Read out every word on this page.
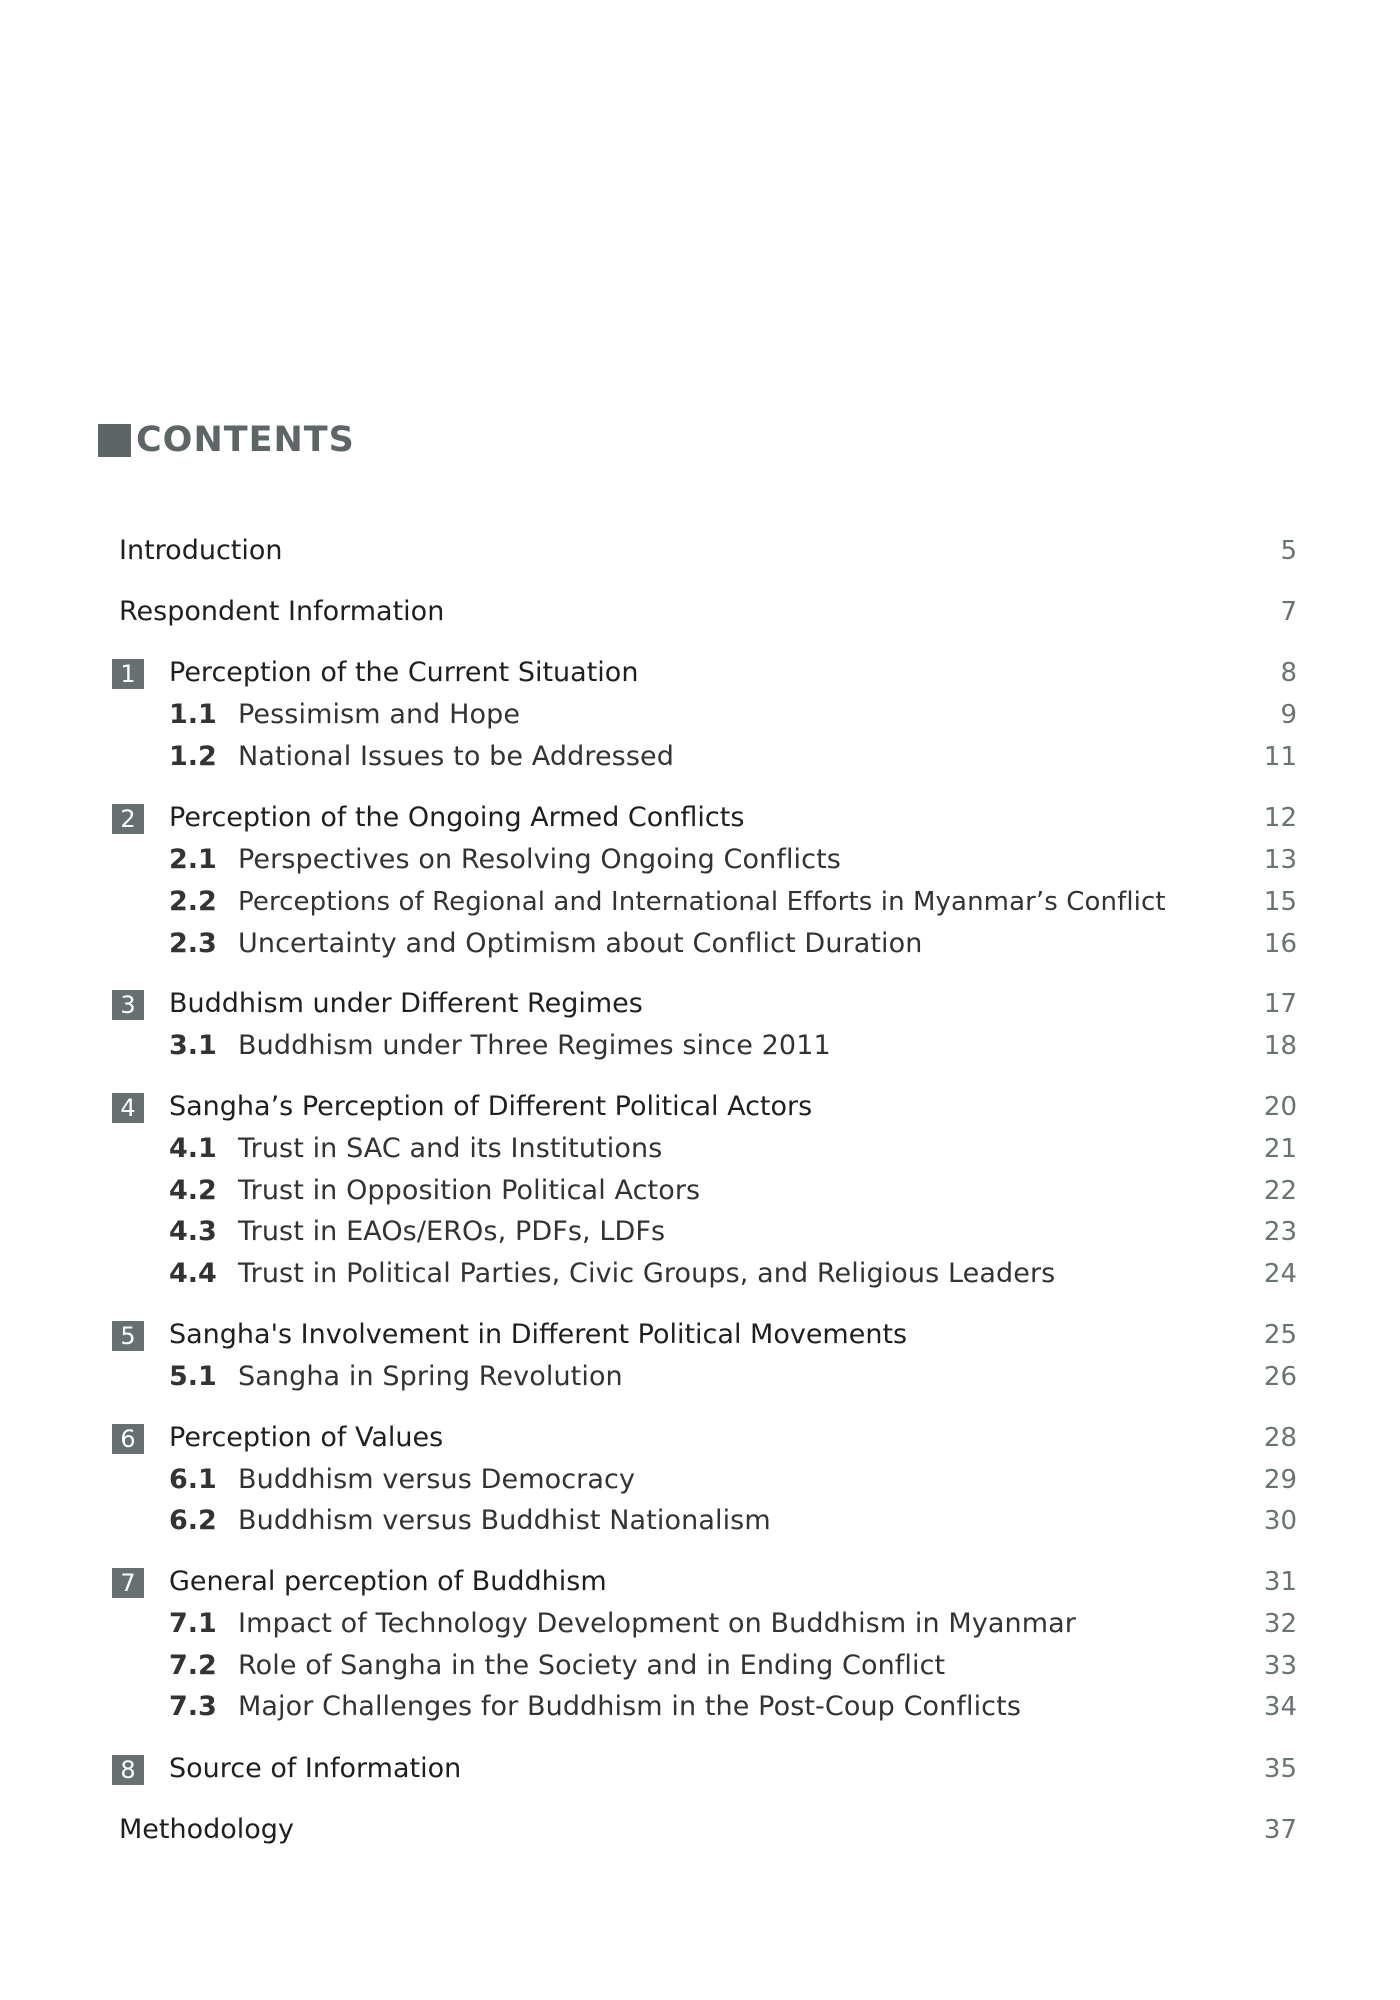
CONTENTS
Introduction	5
Respondent Information	7
1	Perception of the Current Situation	8
1.1 Pessimism and Hope	9
1.2 National Issues to be Addressed	11
2	Perception of the Ongoing Armed Conflicts	12
2.1 Perspectives on Resolving Ongoing Conflicts	13
2.2 Perceptions of Regional and International Efforts in Myanmar’s Conflict	15
2.3 Uncertainty and Optimism about Conflict Duration	16
3	Buddhism under Different Regimes	17
3.1 Buddhism under Three Regimes since 2011	18
4	Sangha’s Perception of Different Political Actors	20
4.1 Trust in SAC and its Institutions	21
4.2 Trust in Opposition Political Actors	22
4.3 Trust in EAOs/EROs, PDFs, LDFs	23
4.4 Trust in Political Parties, Civic Groups, and Religious Leaders	24
5	Sangha's Involvement in Different Political Movements	25
5.1 Sangha in Spring Revolution	26
6	Perception of Values	28
6.1 Buddhism versus Democracy	29
6.2 Buddhism versus Buddhist Nationalism	30
7	General perception of Buddhism	31
7.1 Impact of Technology Development on Buddhism in Myanmar	32
7.2 Role of Sangha in the Society and in Ending Conflict	33
7.3 Major Challenges for Buddhism in the Post-Coup Conflicts	34
8	Source of Information	35
Methodology	37
